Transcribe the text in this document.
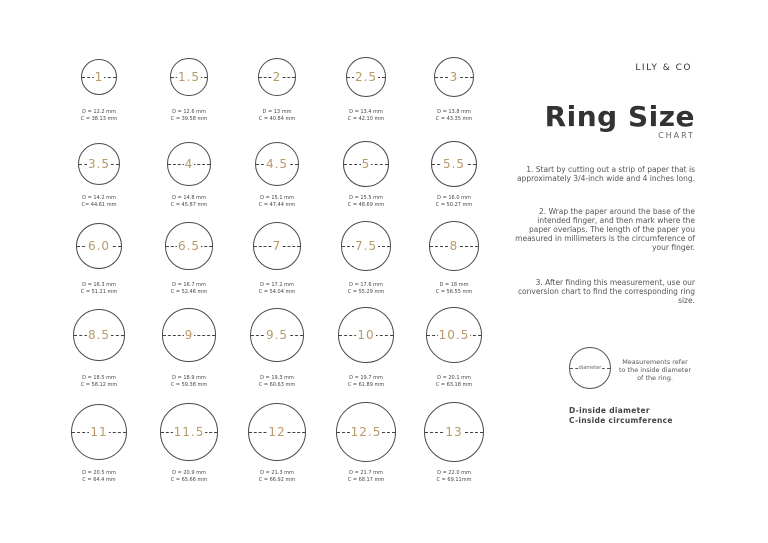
1
D = 12.2 mm
C = 38.13 mm
1.5
D = 12.6 mm
C = 39.58 mm
2
D = 13 mm
C = 40.84 mm
2.5
D = 13.4 mm
C = 42.10 mm
3
D = 13.8 mm
C = 43.35 mm
3.5
D = 14.2 mm
C= 44.61 mm
4
D = 14.8 mm
C = 45.87 mm
4.5
D = 15.1 mm
C = 47.44 mm
5
D = 15.5 mm
C = 48.69 mm
5.5
D = 16.0 mm
C = 50.27 mm
6.0
D = 16.3 mm
C = 51.21 mm
6.5
D = 16.7 mm
C = 52.46 mm
7
D = 17.2 mm
C = 54.04 mm
7.5
D = 17.6 mm
C = 55.29 mm
8
D = 18 mm
C = 56.55 mm
8.5
D = 18.5 mm
C = 58.12 mm
9
D = 18.9 mm
C = 59.38 mm
9.5
D = 19.3 mm
C = 60.63 mm
10
D = 19.7 mm
C = 61.89 mm
10.5
D = 20.1 mm
C = 63.18 mm
11
D = 20.5 mm
C = 64.4 mm
11.5
D = 20.9 mm
C = 65.66 mm
12
D = 21.3 mm
C = 66.92 mm
12.5
D = 21.7 mm
C = 68.17 mm
13
D = 22.0 mm
C = 69.11mm
LILY & CO
Ring Size
CHART
1. Start by cutting out a strip of paper that is approximately 3/4-inch wide and 4 inches long.
2. Wrap the paper around the base of the intended finger, and then mark where the paper overlaps. The length of the paper you measured in millimeters is the circumference of your finger.
3. After finding this measurement, use our conversion chart to find the corresponding ring size.
diameter
Measurements refer to the inside diameter of the ring.
D-inside diameter
C-inside circumference
